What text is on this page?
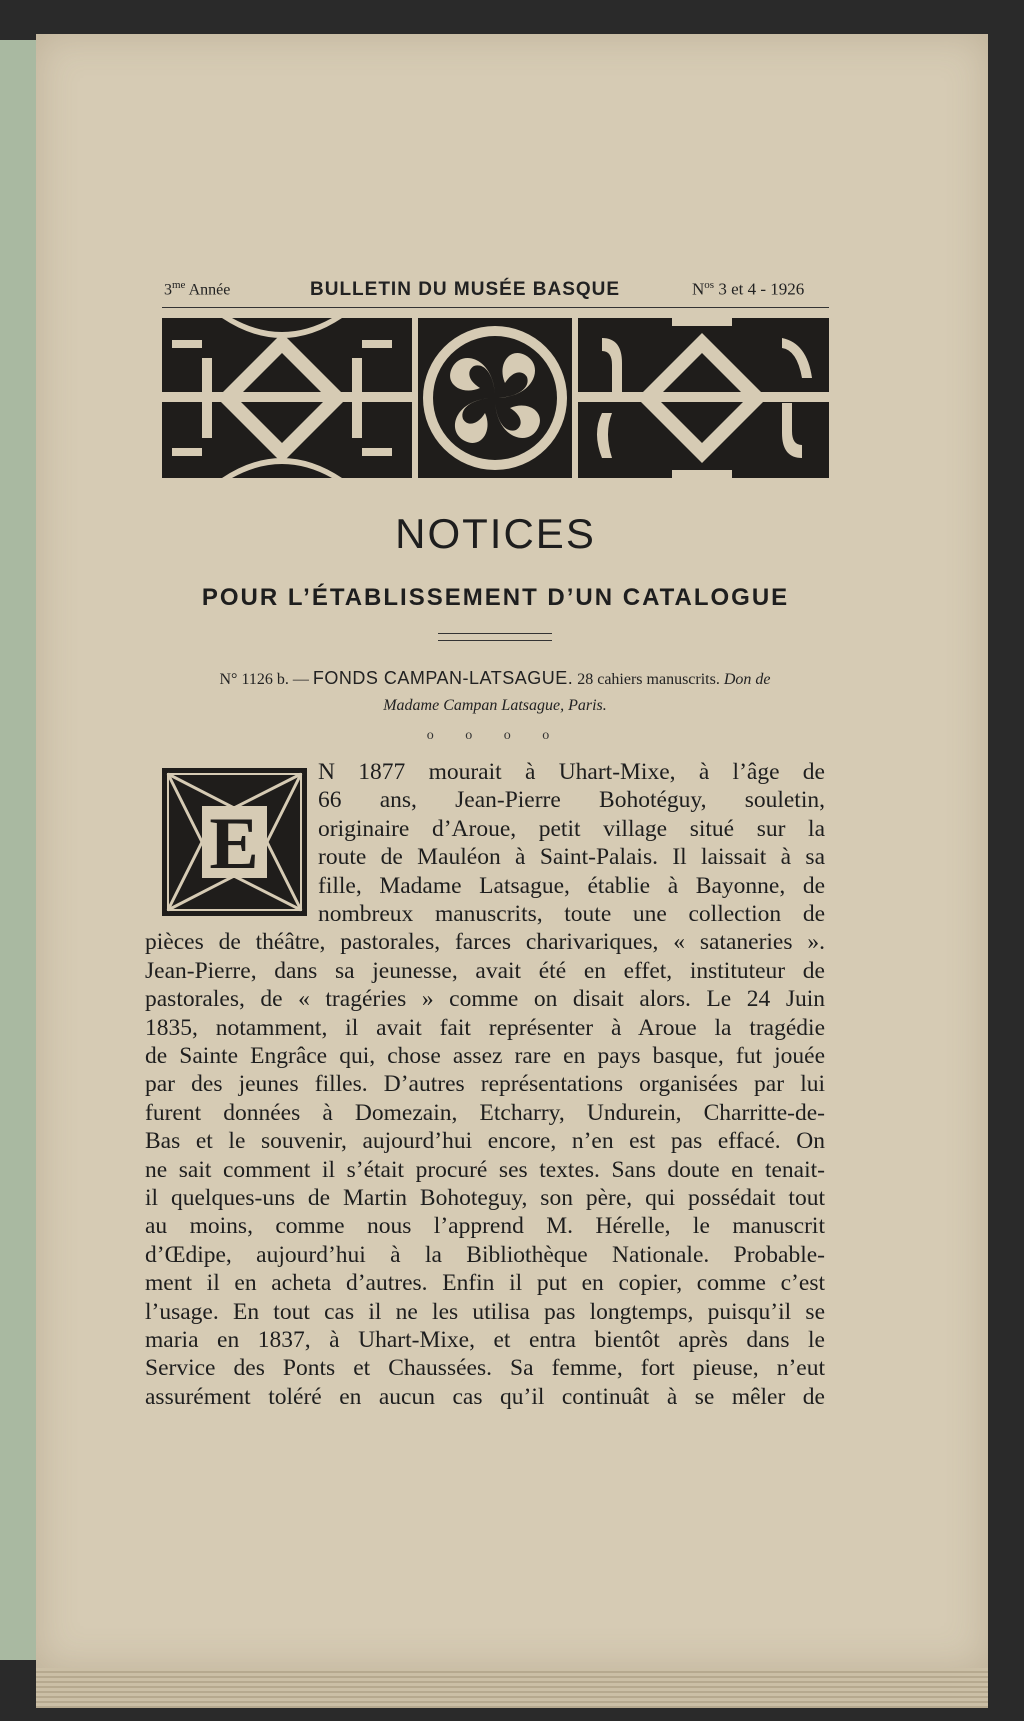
$3^{me}$ Année	BULLETIN DU MUSÉE BASQUE	$N^{os}$ 3 et 4 - 1926
NOTICES
POUR L’ÉTABLISSEMENT D’UN CATALOGUE
N° 1126 b. — FONDS CAMPAN-LATSAGUE. 28 cahiers manuscrits. Don de
Madame Campan Latsague, Paris.
o o o o
E
N 1877 mourait à Uhart-Mixe, à l’âge de
66 ans, Jean-Pierre Bohotéguy, souletin,
originaire d’Aroue, petit village situé sur la
route de Mauléon à Saint-Palais. Il laissait à sa
fille, Madame Latsague, établie à Bayonne, de
nombreux manuscrits, toute une collection de
pièces de théâtre, pastorales, farces charivariques, « sataneries ».
Jean-Pierre, dans sa jeunesse, avait été en effet, instituteur de
pastorales, de « tragéries » comme on disait alors. Le 24 Juin
1835, notamment, il avait fait représenter à Aroue la tragédie
de Sainte Engrâce qui, chose assez rare en pays basque, fut jouée
par des jeunes filles. D’autres représentations organisées par lui
furent données à Domezain, Etcharry, Undurein, Charritte-de-
Bas et le souvenir, aujourd’hui encore, n’en est pas effacé. On
ne sait comment il s’était procuré ses textes. Sans doute en tenait-
il quelques-uns de Martin Bohoteguy, son père, qui possédait tout
au moins, comme nous l’apprend M. Hérelle, le manuscrit
d’Œdipe, aujourd’hui à la Bibliothèque Nationale. Probable-
ment il en acheta d’autres. Enfin il put en copier, comme c’est
l’usage. En tout cas il ne les utilisa pas longtemps, puisqu’il se
maria en 1837, à Uhart-Mixe, et entra bientôt après dans le
Service des Ponts et Chaussées. Sa femme, fort pieuse, n’eut
assurément toléré en aucun cas qu’il continuât à se mêler de
